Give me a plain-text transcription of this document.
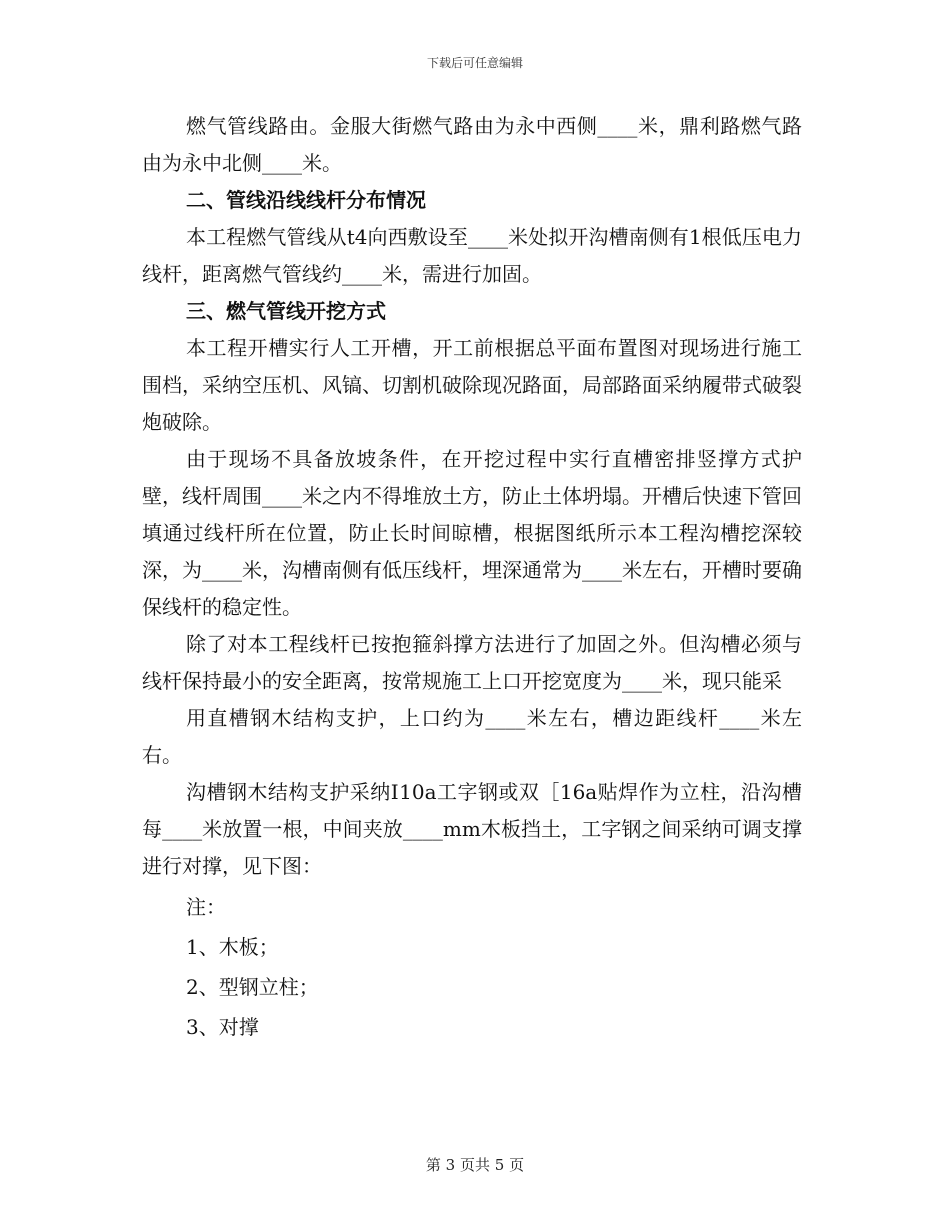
下载后可任意编辑

燃气管线路由。金服大街燃气路由为永中西侧____米，鼎利路燃气路由为永中北侧____米。

二、管线沿线线杆分布情况

本工程燃气管线从t4向西敷设至____米处拟开沟槽南侧有1根低压电力线杆，距离燃气管线约____米，需进行加固。

三、燃气管线开挖方式

本工程开槽实行人工开槽，开工前根据总平面布置图对现场进行施工围档，采纳空压机、风镐、切割机破除现况路面，局部路面采纳履带式破裂炮破除。

由于现场不具备放坡条件，在开挖过程中实行直槽密排竖撑方式护壁，线杆周围____米之内不得堆放土方，防止土体坍塌。开槽后快速下管回填通过线杆所在位置，防止长时间晾槽，根据图纸所示本工程沟槽挖深较深，为____米，沟槽南侧有低压线杆，埋深通常为____米左右，开槽时要确保线杆的稳定性。

除了对本工程线杆已按抱箍斜撑方法进行了加固之外。但沟槽必须与线杆保持最小的安全距离，按常规施工上口开挖宽度为____米，现只能采

用直槽钢木结构支护，上口约为____米左右，槽边距线杆____米左右。

沟槽钢木结构支护采纳Ⅰ10a工字钢或双［16a贴焊作为立柱，沿沟槽每____米放置一根，中间夹放____mm木板挡土，工字钢之间采纳可调支撑进行对撑，见下图：

注：

1、木板；

2、型钢立柱；

3、对撑

第 3 页共 5 页
